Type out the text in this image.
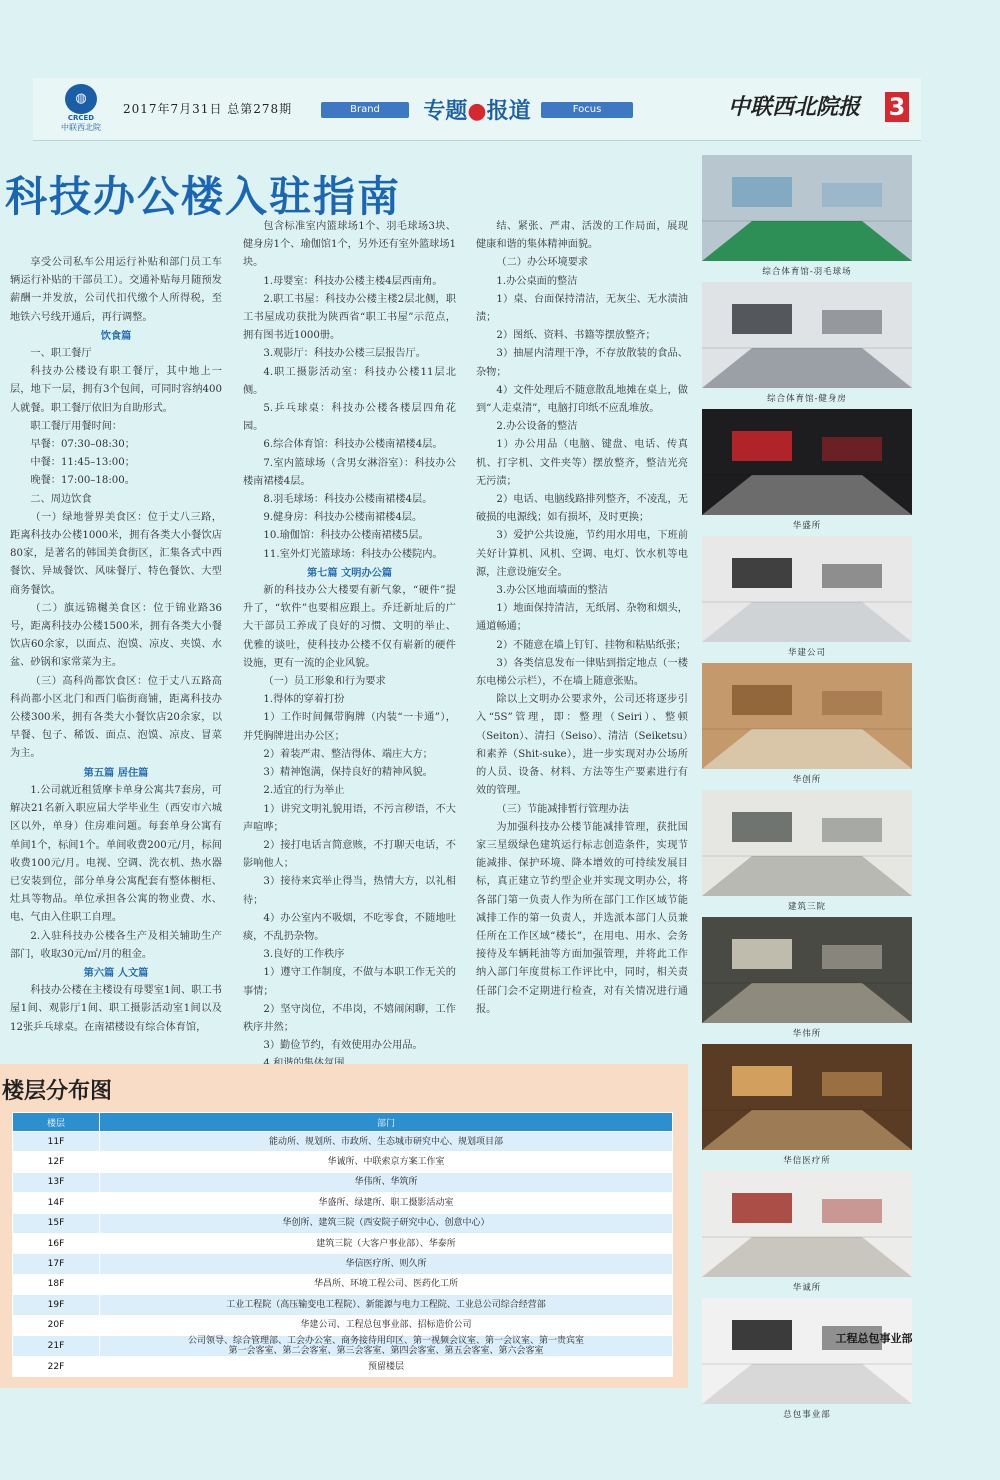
◍
CRCED
中联西北院
2017年7月31日 总第278期	Brand	专题●报道	Focus	中联西北院报 3
科技办公楼入驻指南

享受公司私车公用运行补贴和部门员工车辆运行补贴的干部员工）。交通补贴每月随预发薪酬一并发放，公司代扣代缴个人所得税，至地铁六号线开通后，再行调整。

饮食篇

一、职工餐厅

科技办公楼设有职工餐厅，其中地上一层，地下一层，拥有3个包间，可同时容纳400人就餐。职工餐厅依旧为自助形式。

职工餐厅用餐时间：

早餐：07:30–08:30；

中餐：11:45–13:00；

晚餐：17:00–18:00。

二、周边饮食

（一）绿地誉界美食区：位于丈八三路，距离科技办公楼1000米，拥有各类大小餐饮店80家，是著名的韩国美食街区，汇集各式中西餐饮、异域餐饮、风味餐厅、特色餐饮、大型商务餐饮。

（二）旗远锦樾美食区：位于锦业路36号，距离科技办公楼1500米，拥有各类大小餐饮店60余家，以面点、泡馍、凉皮、夹馍、水盆、砂锅和家常菜为主。

（三）高科尚都饮食区：位于丈八五路高科尚都小区北门和西门临街商铺，距离科技办公楼300米，拥有各类大小餐饮店20余家，以早餐、包子、稀饭、面点、泡馍、凉皮、冒菜为主。

第五篇 居住篇

1.公司就近租赁摩卡单身公寓共7套房，可解决21名新入职应届大学毕业生（西安市六城区以外，单身）住房难问题。每套单身公寓有单间1个，标间1个。单间收费200元/月，标间收费100元/月。电视、空调、洗衣机、热水器已安装到位，部分单身公寓配套有整体橱柜、灶具等物品。单位承担各公寓的物业费、水、电、气由入住职工自理。

2.入驻科技办公楼各生产及相关辅助生产部门，收取30元/㎡/月的租金。

第六篇 人文篇

科技办公楼在主楼设有母婴室1间、职工书屋1间、观影厅1间、职工摄影活动室1间以及12张乒乓球桌。在南裙楼设有综合体育馆，

包含标准室内篮球场1个、羽毛球场3块、健身房1个、瑜伽馆1个，另外还有室外篮球场1块。

1.母婴室：科技办公楼主楼4层西南角。

2.职工书屋：科技办公楼主楼2层北侧，职工书屋成功获批为陕西省“职工书屋”示范点，拥有图书近1000册。

3.观影厅：科技办公楼三层报告厅。

4.职工摄影活动室：科技办公楼11层北侧。

5.乒乓球桌：科技办公楼各楼层四角花园。

6.综合体育馆：科技办公楼南裙楼4层。

7.室内篮球场（含男女淋浴室）：科技办公楼南裙楼4层。

8.羽毛球场：科技办公楼南裙楼4层。

9.健身房：科技办公楼南裙楼4层。

10.瑜伽馆：科技办公楼南裙楼5层。

11.室外灯光篮球场：科技办公楼院内。

第七篇 文明办公篇

新的科技办公大楼要有新气象，“硬件”提升了，“软件”也要相应跟上。乔迁新址后的广大干部员工养成了良好的习惯、文明的举止、优雅的谈吐，使科技办公楼不仅有崭新的硬件设施，更有一流的企业风貌。

（一）员工形象和行为要求

1.得体的穿着打扮

1）工作时间佩带胸牌（内装“一卡通”），并凭胸牌进出办公区；

2）着装严肃、整洁得体、端庄大方；

3）精神饱满，保持良好的精神风貌。

2.适宜的行为举止

1）讲究文明礼貌用语，不污言秽语，不大声喧哗；

2）接打电话言简意赅，不打聊天电话，不影响他人；

3）接待来宾举止得当，热情大方，以礼相待；

4）办公室内不吸烟，不吃零食，不随地吐痰，不乱扔杂物。

3.良好的工作秩序

1）遵守工作制度，不做与本职工作无关的事情；

2）坚守岗位，不串岗，不嬉闹闲聊，工作秩序井然；

3）勤俭节约，有效使用办公用品。

结、紧张、严肃、活泼的工作局面，展现健康和谐的集体精神面貌。

（二）办公环境要求

1.办公桌面的整洁

1）桌、台面保持清洁，无灰尘、无水渍油渍；

2）图纸、资料、书籍等摆放整齐；

3）抽屉内清理干净，不存放散装的食品、杂物；

4）文件处理后不随意散乱地摊在桌上，做到“人走桌清”，电脑打印纸不应乱堆放。

2.办公设备的整洁

1）办公用品（电脑、键盘、电话、传真机、打字机、文件夹等）摆放整齐，整洁光亮无污渍；

2）电话、电脑线路排列整齐，不凌乱，无破损的电源线；如有损坏，及时更换；

3）爱护公共设施，节约用水用电，下班前关好计算机、风机、空调、电灯、饮水机等电源，注意设施安全。

3.办公区地面墙面的整洁

1）地面保持清洁，无纸屑、杂物和烟头，通道畅通；

2）不随意在墙上钉钉、挂物和粘贴纸张；

3）各类信息发布一律贴到指定地点（一楼东电梯公示栏），不在墙上随意张贴。

除以上文明办公要求外，公司还将逐步引入“5S”管理，即：整理（Seiri）、整顿（Seiton）、清扫（Seiso）、清洁（Seiketsu）和素养（Shit-suke），进一步实现对办公场所的人员、设备、材料、方法等生产要素进行有效的管理。

（三）节能减排暂行管理办法

为加强科技办公楼节能减排管理，获批国家三星级绿色建筑运行标志创造条件，实现节能减排、保护环境、降本增效的可持续发展目标，真正建立节约型企业并实现文明办公，将各部门第一负责人作为所在部门工作区域节能减排工作的第一负责人，并选派本部门人员兼任所在工作区域“楼长”，在用电、用水、会务接待及车辆耗油等方面加强管理，并将此工作纳入部门年度贯标工作评比中，同时，相关责任部门会不定期进行检查，对有关情况进行通报。

综合体育馆-羽毛球场
综合体育馆-健身房
华盛所
华建公司
华创所
建筑三院
华伟所
华信医疗所
华诚所
工程总包事业部
总包事业部
楼层分布图
楼层	部门
11F	能动所、规划所、市政所、生态城市研究中心、规划项目部
12F	华诚所、中联索京方案工作室
13F	华伟所、华筑所
14F	华盛所、绿建所、职工摄影活动室
15F	华创所、建筑三院（西安院子研究中心、创意中心）
16F	建筑三院（大客户事业部）、华泰所
17F	华信医疗所、则久所
18F	华昌所、环境工程公司、医药化工所
19F	工业工程院（高压输变电工程院）、新能源与电力工程院、工业总公司综合经营部
20F	华建公司、工程总包事业部、招标造价公司
21F	公司领导、综合管理部、工会办公室、商务接待用印区、第一视频会议室、第一会议室、第一贵宾室
第一会客室、第二会客室、第三会客室、第四会客室、第五会客室、第六会客室
22F	预留楼层
